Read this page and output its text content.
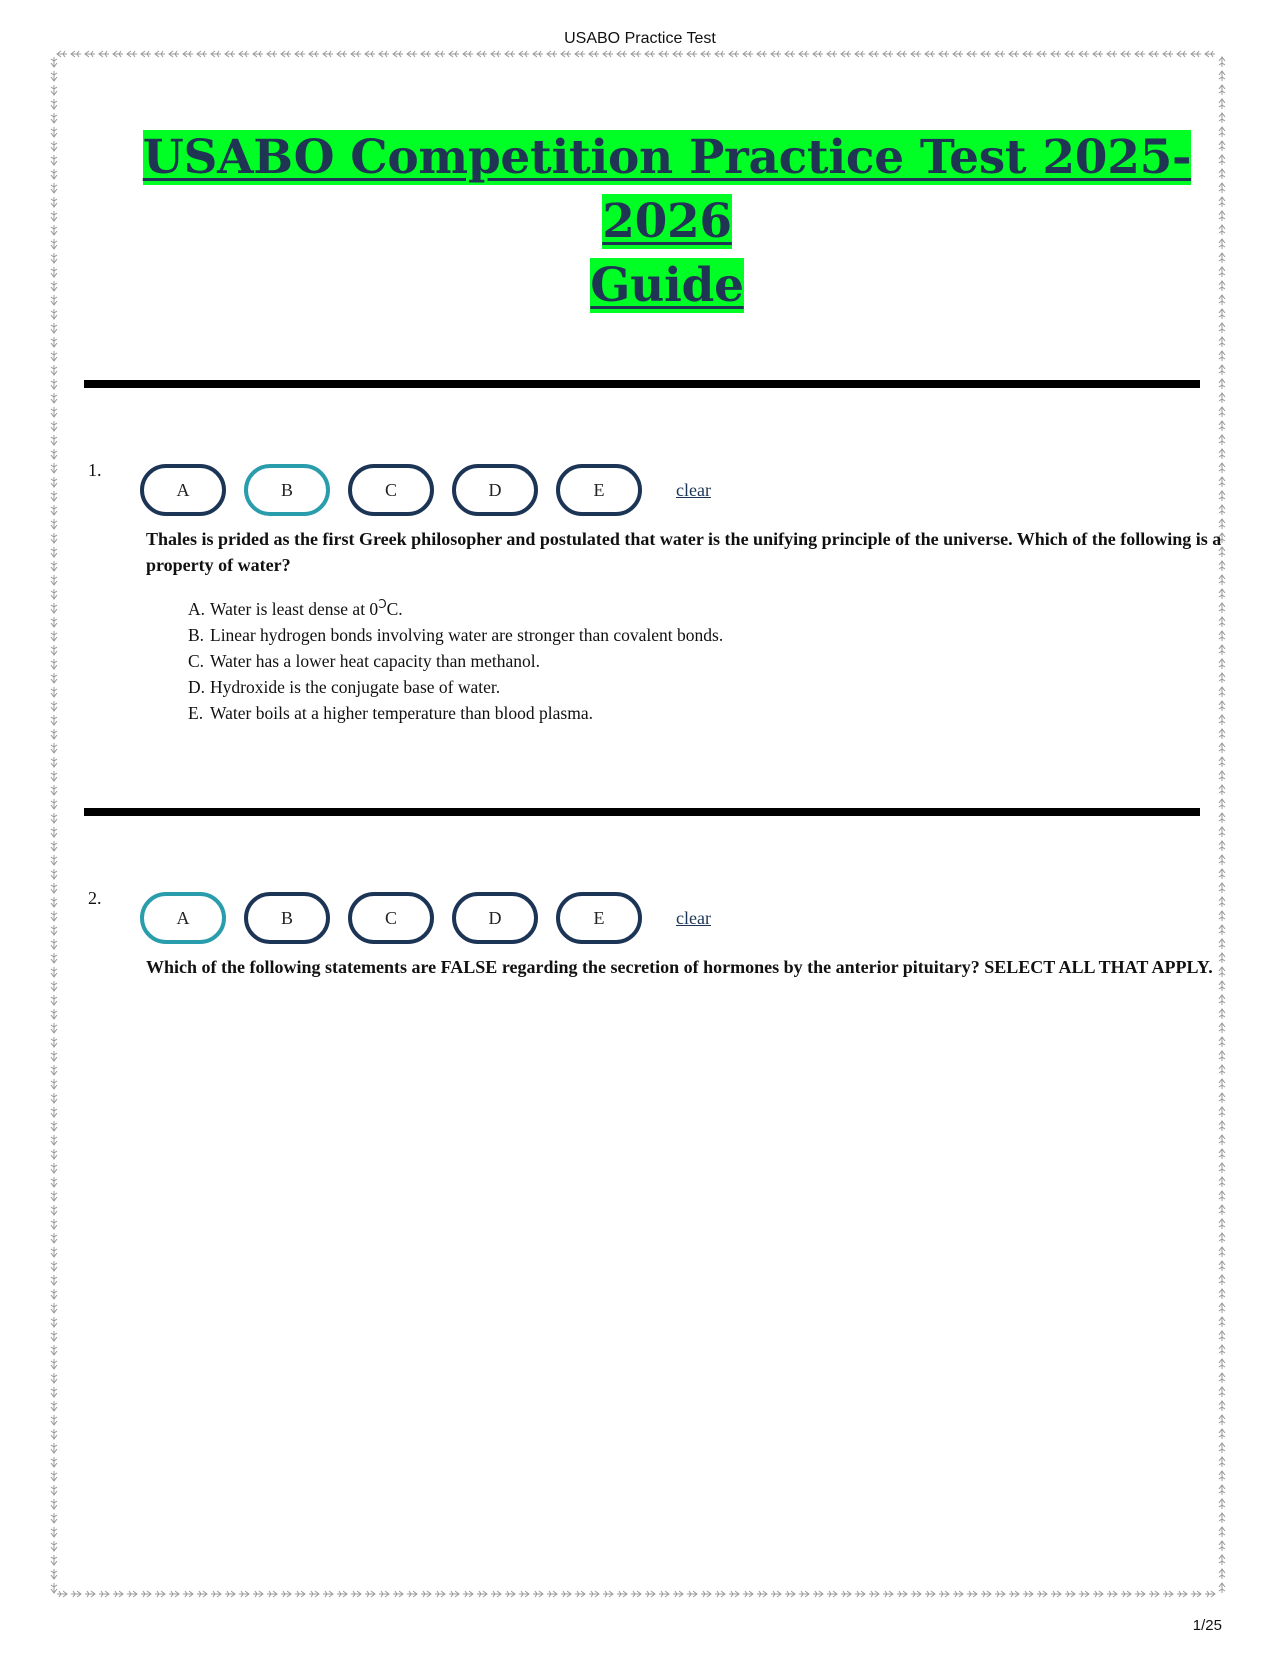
USABO Practice Test
USABO Competition Practice Test 2025-2026
Guide
1.
A	B	C	D	E	clear
Thales is prided as the first Greek philosopher and postulated that water is the unifying principle of the universe. Which of the following is a property of water?
A. Water is least dense at $0^ↃC$.
B. Linear hydrogen bonds involving water are stronger than covalent bonds.
C. Water has a lower heat capacity than methanol.
D. Hydroxide is the conjugate base of water.
E. Water boils at a higher temperature than blood plasma.
2.
A	B	C	D	E	clear
Which of the following statements are FALSE regarding the secretion of hormones by the anterior pituitary? SELECT ALL THAT APPLY.
1/25
